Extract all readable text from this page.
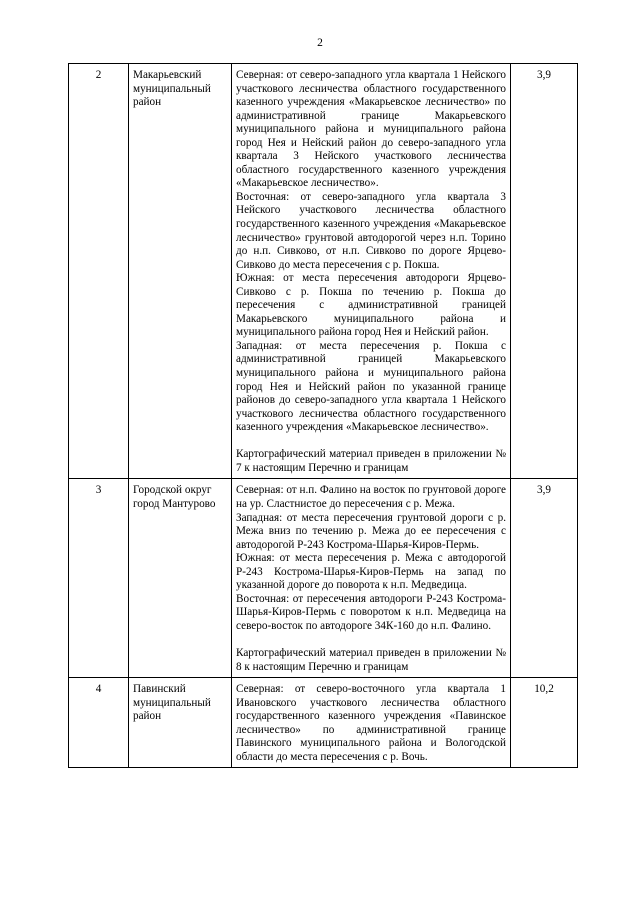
2
2	Макарьевский муниципальный район	Северная: от северо-западного угла квартала 1 Нейского участкового лесничества областного государственного казенного учреждения «Макарьевское лесничество» по административной границе Макарьевского муниципального района и муниципального района город Нея и Нейский район до северо-западного угла квартала 3 Нейского участкового лесничества областного государственного казенного учреждения «Макарьевское лесничество».

Восточная: от северо-западного угла квартала 3 Нейского участкового лесничества областного государственного казенного учреждения «Макарьевское лесничество» грунтовой автодорогой через н.п. Торино до н.п. Сивково, от н.п. Сивково по дороге Ярцево-Сивково до места пересечения с р. Покша.

Южная: от места пересечения автодороги Ярцево-Сивково с р. Покша по течению р. Покша до пересечения с административной границей Макарьевского муниципального района и муниципального района город Нея и Нейский район.

Западная: от места пересечения р. Покша с административной границей Макарьевского муниципального района и муниципального района город Нея и Нейский район по указанной границе районов до северо-западного угла квартала 1 Нейского участкового лесничества областного государственного казенного учреждения «Макарьевское лесничество».

Картографический материал приведен в приложении № 7 к настоящим Перечню и границам	3,9
3	Городской округ город Мантурово	Северная: от н.п. Фалино на восток по грунтовой дороге на ур. Сластнистое до пересечения с р. Межа.

Западная: от места пересечения грунтовой дороги с р. Межа вниз по течению р. Межа до ее пересечения с автодорогой Р-243 Кострома-Шарья-Киров-Пермь.

Южная: от места пересечения р. Межа с автодорогой Р-243 Кострома-Шарья-Киров-Пермь на запад по указанной дороге до поворота к н.п. Медведица.

Восточная: от пересечения автодороги Р-243 Кострома-Шарья-Киров-Пермь с поворотом к н.п. Медведица на северо-восток по автодороге 34К-160 до н.п. Фалино.

Картографический материал приведен в приложении № 8 к настоящим Перечню и границам	3,9
4	Павинский муниципальный район	Северная: от северо-восточного угла квартала 1 Ивановского участкового лесничества областного государственного казенного учреждения «Павинское лесничество» по административной границе Павинского муниципального района и Вологодской области до места пересечения с р. Вочь.	10,2
